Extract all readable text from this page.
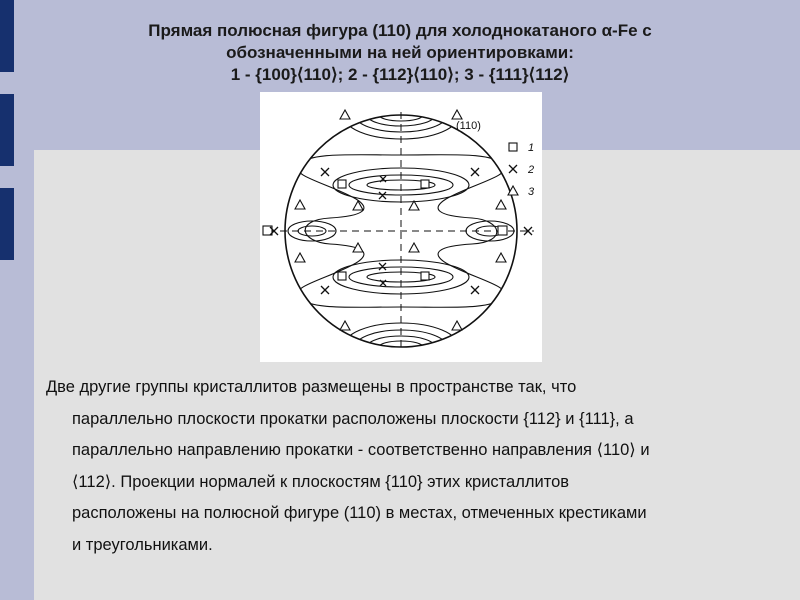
Прямая полюсная фигура (110) для холоднокатаного α-Fe с
обозначенными на ней ориентировками:
1 - {100}⟨110⟩; 2 - {112}⟨110⟩; 3 - {111}⟨112⟩
(110)
1
2
3
Две другие группы кристаллитов размещены в пространстве так, что
параллельно плоскости прокатки расположены плоскости {112} и {111}, а
параллельно направлению прокатки - соответственно направления ⟨110⟩ и
⟨112⟩. Проекции нормалей к плоскостям {110} этих кристаллитов
расположены на полюсной фигуре (110) в местах, отмеченных крестиками
и треугольниками.
